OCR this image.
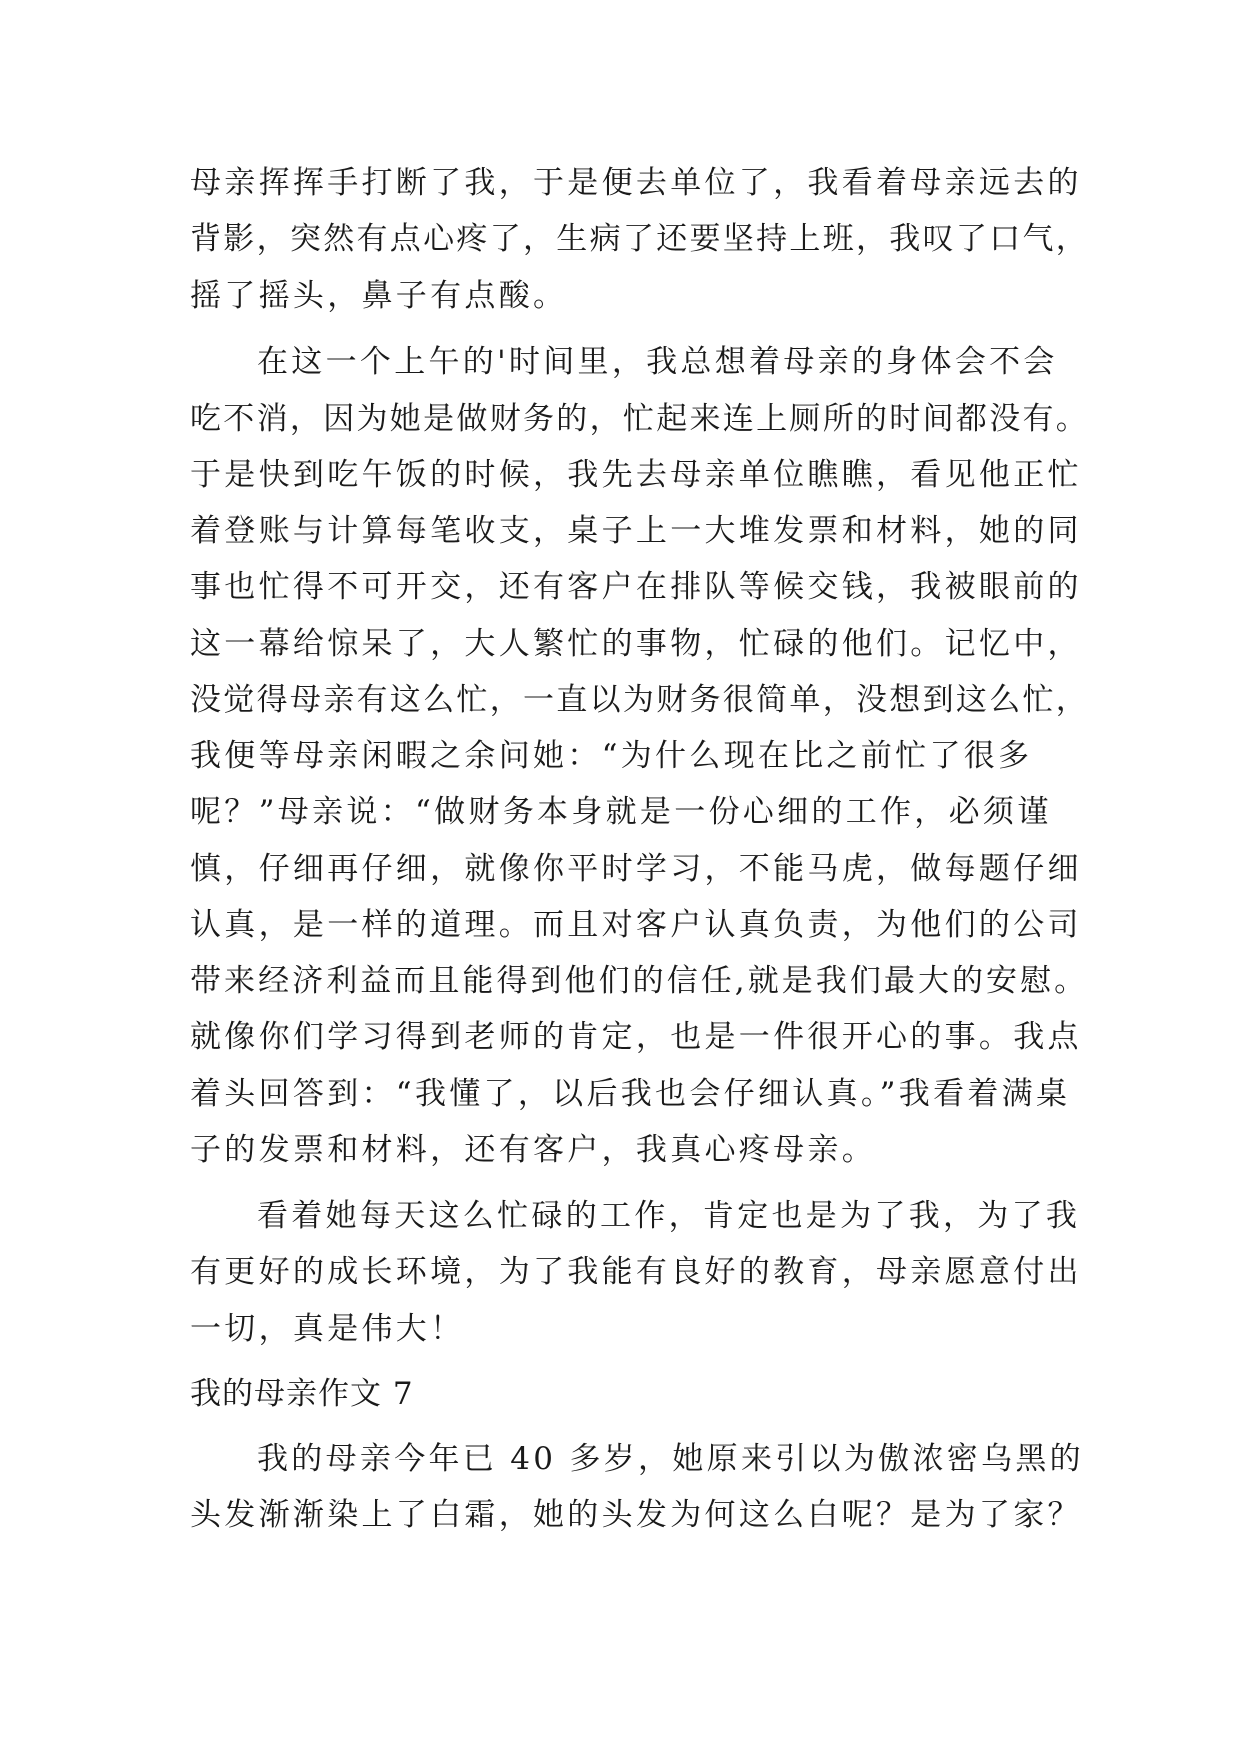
母亲挥挥手打断了我，于是便去单位了，我看着母亲远去的

背影，突然有点心疼了，生病了还要坚持上班，我叹了口气，

摇了摇头，鼻子有点酸。

在这一个上午的'时间里，我总想着母亲的身体会不会

吃不消，因为她是做财务的，忙起来连上厕所的时间都没有。

于是快到吃午饭的时候，我先去母亲单位瞧瞧，看见他正忙

着登账与计算每笔收支，桌子上一大堆发票和材料，她的同

事也忙得不可开交，还有客户在排队等候交钱，我被眼前的

这一幕给惊呆了，大人繁忙的事物，忙碌的他们。记忆中，

没觉得母亲有这么忙，一直以为财务很简单，没想到这么忙，

我便等母亲闲暇之余问她：“为什么现在比之前忙了很多

呢？”母亲说：“做财务本身就是一份心细的工作，必须谨

慎，仔细再仔细，就像你平时学习，不能马虎，做每题仔细

认真，是一样的道理。而且对客户认真负责，为他们的公司

带来经济利益而且能得到他们的信任,就是我们最大的安慰。

就像你们学习得到老师的肯定，也是一件很开心的事。我点

着头回答到：“我懂了，以后我也会仔细认真。”我看着满桌

子的发票和材料，还有客户，我真心疼母亲。

看着她每天这么忙碌的工作，肯定也是为了我，为了我

有更好的成长环境，为了我能有良好的教育，母亲愿意付出

一切，真是伟大！

我的母亲作文 7

我的母亲今年已 40 多岁，她原来引以为傲浓密乌黑的

头发渐渐染上了白霜，她的头发为何这么白呢？是为了家？
